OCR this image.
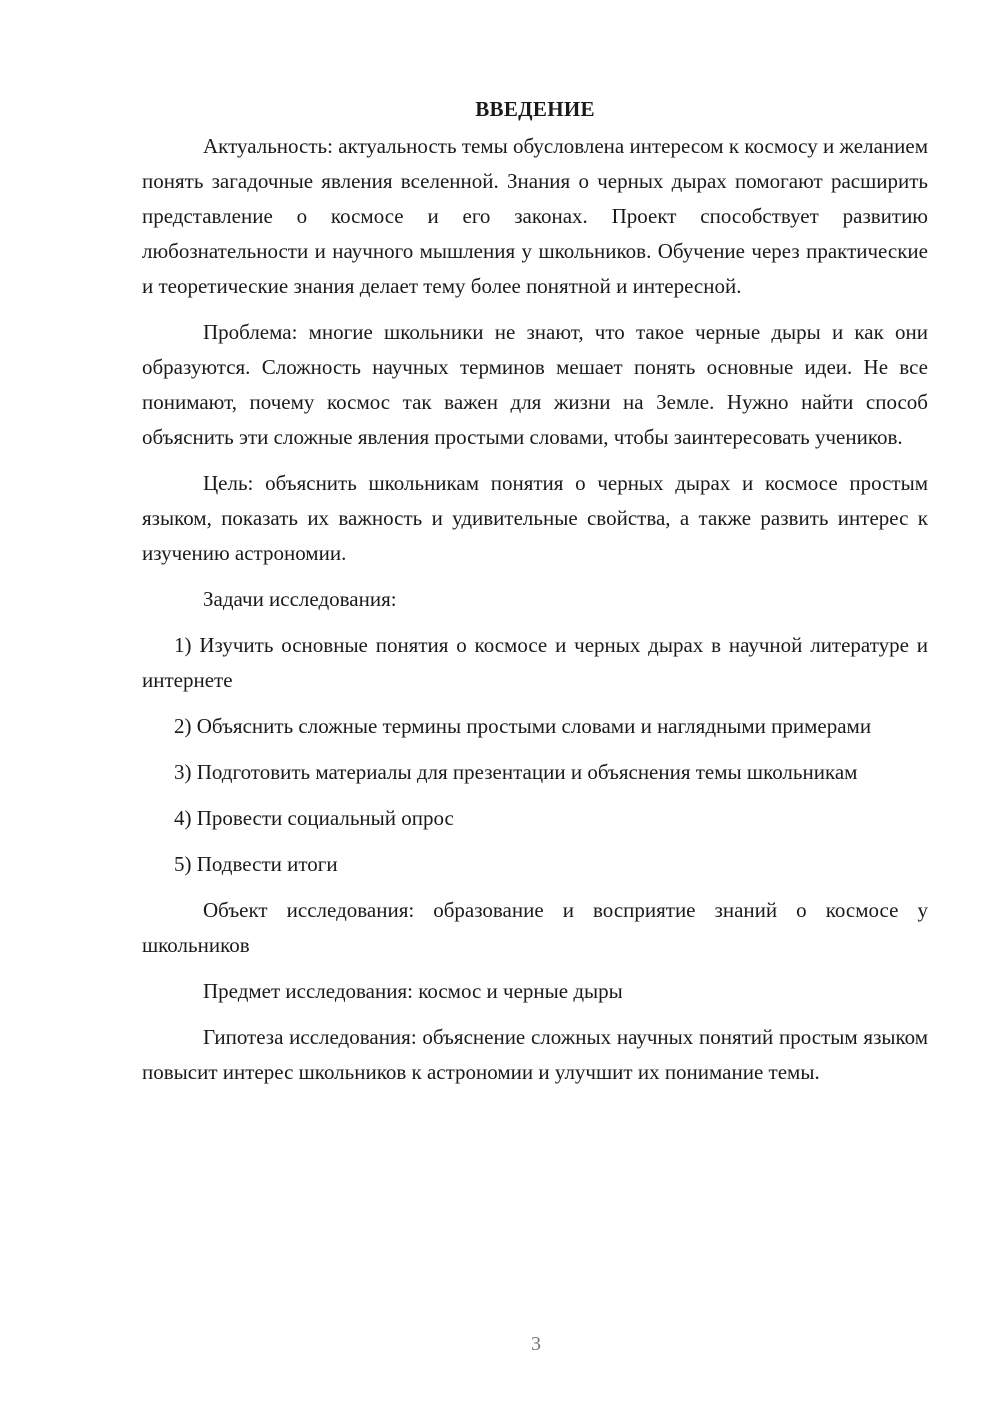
ВВЕДЕНИЕ

Актуальность: актуальность темы обусловлена интересом к космосу и желанием понять загадочные явления вселенной. Знания о черных дырах помогают расширить представление о космосе и его законах. Проект способствует развитию любознательности и научного мышления у школьников. Обучение через практические и теоретические знания делает тему более понятной и интересной.

Проблема: многие школьники не знают, что такое черные дыры и как они образуются. Сложность научных терминов мешает понять основные идеи. Не все понимают, почему космос так важен для жизни на Земле. Нужно найти способ объяснить эти сложные явления простыми словами, чтобы заинтересовать учеников.

Цель: объяснить школьникам понятия о черных дырах и космосе простым языком, показать их важность и удивительные свойства, а также развить интерес к изучению астрономии.

Задачи исследования:

1) Изучить основные понятия о космосе и черных дырах в научной литературе и интернете

2) Объяснить сложные термины простыми словами и наглядными примерами

3) Подготовить материалы для презентации и объяснения темы школьникам

4) Провести социальный опрос

5) Подвести итоги

Объект исследования: образование и восприятие знаний о космосе у школьников

Предмет исследования: космос и черные дыры

Гипотеза исследования: объяснение сложных научных понятий простым языком повысит интерес школьников к астрономии и улучшит их понимание темы.

3
